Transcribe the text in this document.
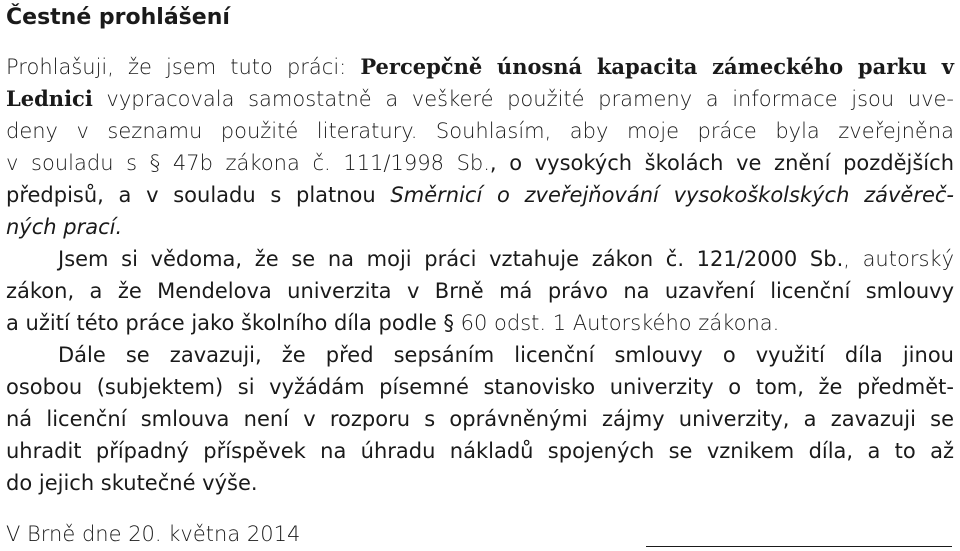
Čestné prohlášení
Prohlašuji, že jsem tuto práci: Percepčně únosná kapacita zámeckého parku v
Lednici vypracovala samostatně a veškeré použité prameny a informace jsou uve-
deny v seznamu použité literatury. Souhlasím, aby moje práce byla zveřejněna
v souladu s § 47b zákona č. 111/1998 Sb., o vysokých školách ve znění pozdějších
předpisů, a v souladu s platnou Směrnicí o zveřejňování vysokoškolských závěreč-
ných prací.
Jsem si vědoma, že se na moji práci vztahuje zákon č. 121/2000 Sb., autorský
zákon, a že Mendelova univerzita v Brně má právo na uzavření licenční smlouvy
a užití této práce jako školního díla podle § 60 odst. 1 Autorského zákona.
Dále se zavazuji, že před sepsáním licenční smlouvy o využití díla jinou
osobou (subjektem) si vyžádám písemné stanovisko univerzity o tom, že předmět-
ná licenční smlouva není v rozporu s oprávněnými zájmy univerzity, a zavazuji se
uhradit případný příspěvek na úhradu nákladů spojených se vznikem díla, a to až
do jejich skutečné výše.
V Brně dne 20. května 2014
